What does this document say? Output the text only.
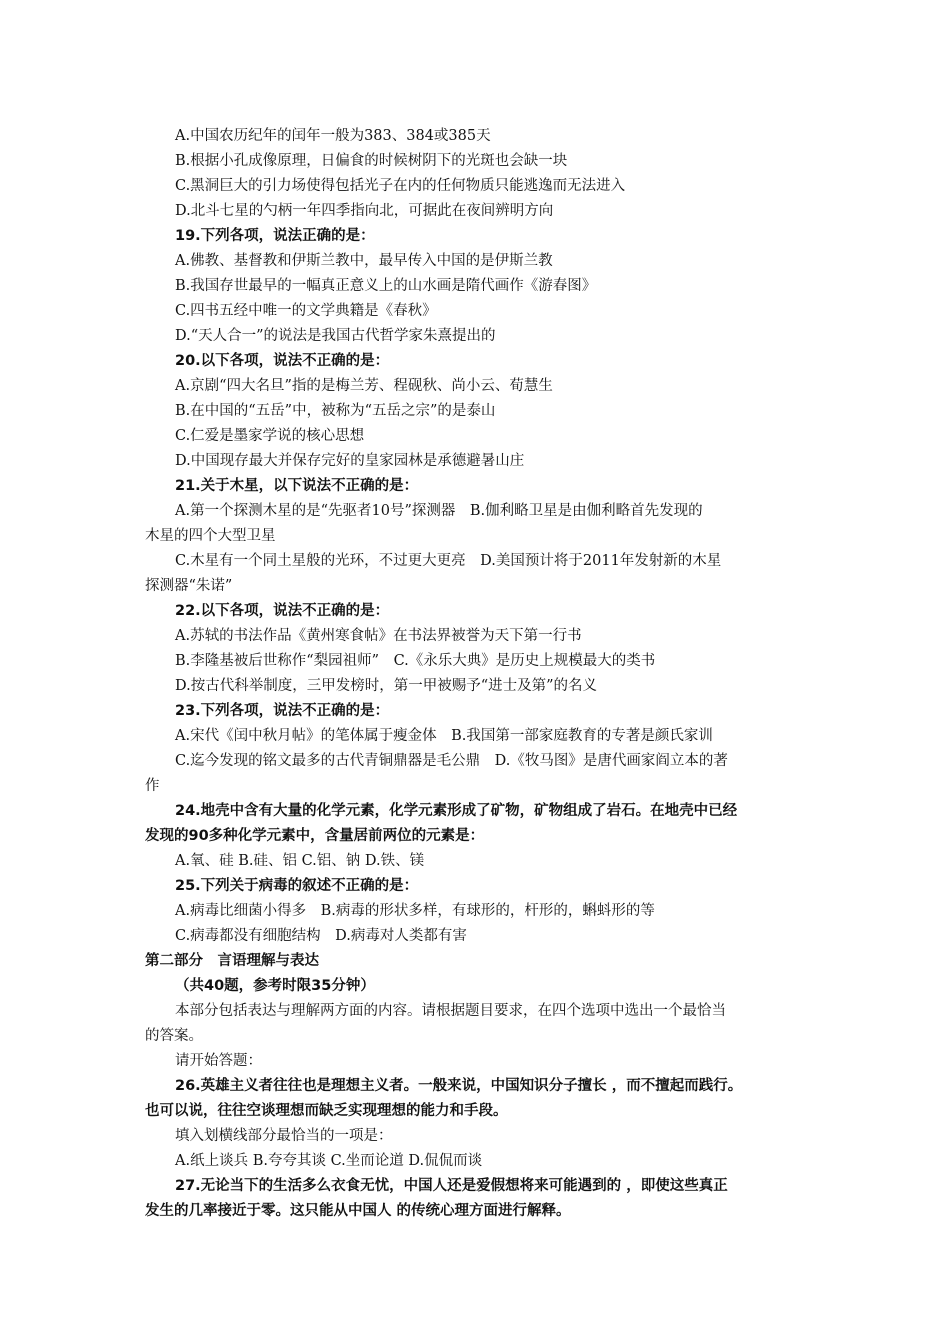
A.中国农历纪年的闰年一般为383、384或385天
B.根据小孔成像原理，日偏食的时候树阴下的光斑也会缺一块
C.黑洞巨大的引力场使得包括光子在内的任何物质只能逃逸而无法进入
D.北斗七星的勺柄一年四季指向北，可据此在夜间辨明方向
19.下列各项，说法正确的是：
A.佛教、基督教和伊斯兰教中，最早传入中国的是伊斯兰教
B.我国存世最早的一幅真正意义上的山水画是隋代画作《游春图》
C.四书五经中唯一的文学典籍是《春秋》
D.“天人合一”的说法是我国古代哲学家朱熹提出的
20.以下各项，说法不正确的是：
A.京剧“四大名旦”指的是梅兰芳、程砚秋、尚小云、荀慧生
B.在中国的“五岳”中，被称为“五岳之宗”的是泰山
C.仁爱是墨家学说的核心思想
D.中国现存最大并保存完好的皇家园林是承德避暑山庄
21.关于木星，以下说法不正确的是：
A.第一个探测木星的是“先驱者10号”探测器　B.伽利略卫星是由伽利略首先发现的
木星的四个大型卫星
C.木星有一个同土星般的光环，不过更大更亮　D.美国预计将于2011年发射新的木星
探测器“朱诺”
22.以下各项，说法不正确的是：
A.苏轼的书法作品《黄州寒食帖》在书法界被誉为天下第一行书
B.李隆基被后世称作“梨园祖师”　C.《永乐大典》是历史上规模最大的类书
D.按古代科举制度，三甲发榜时，第一甲被赐予“进士及第”的名义
23.下列各项，说法不正确的是：
A.宋代《闰中秋月帖》的笔体属于瘦金体　B.我国第一部家庭教育的专著是颜氏家训
C.迄今发现的铭文最多的古代青铜鼎器是毛公鼎　D.《牧马图》是唐代画家阎立本的著
作
24.地壳中含有大量的化学元素，化学元素形成了矿物，矿物组成了岩石。在地壳中已经
发现的90多种化学元素中，含量居前两位的元素是：
A.氧、硅 B.硅、铝 C.铝、钠 D.铁、镁
25.下列关于病毒的叙述不正确的是：
A.病毒比细菌小得多　B.病毒的形状多样，有球形的，杆形的，蝌蚪形的等
C.病毒都没有细胞结构　D.病毒对人类都有害
第二部分　言语理解与表达
（共40题，参考时限35分钟）
本部分包括表达与理解两方面的内容。请根据题目要求，在四个选项中选出一个最恰当
的答案。
请开始答题：
26.英雄主义者往往也是理想主义者。一般来说，中国知识分子擅长 ，而不擅起而践行。
也可以说，往往空谈理想而缺乏实现理想的能力和手段。
填入划横线部分最恰当的一项是：
A.纸上谈兵 B.夸夸其谈 C.坐而论道 D.侃侃而谈
27.无论当下的生活多么衣食无忧，中国人还是爱假想将来可能遇到的 ，即使这些真正
发生的几率接近于零。这只能从中国人 的传统心理方面进行解释。
